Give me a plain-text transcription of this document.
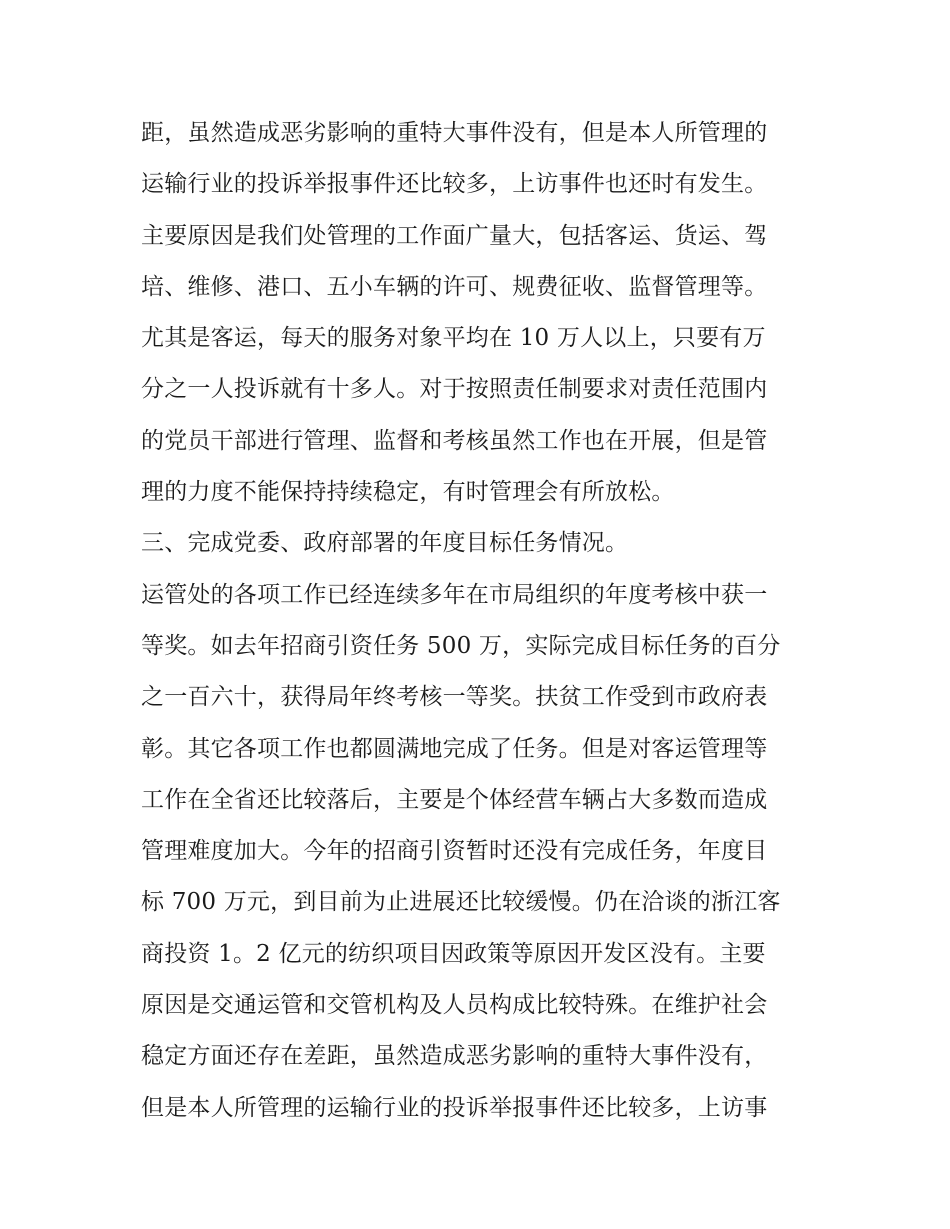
距，虽然造成恶劣影响的重特大事件没有，但是本人所管理的
运输行业的投诉举报事件还比较多，上访事件也还时有发生。
主要原因是我们处管理的工作面广量大，包括客运、货运、驾
培、维修、港口、五小车辆的许可、规费征收、监督管理等。
尤其是客运，每天的服务对象平均在 10 万人以上，只要有万
分之一人投诉就有十多人。对于按照责任制要求对责任范围内
的党员干部进行管理、监督和考核虽然工作也在开展，但是管
理的力度不能保持持续稳定，有时管理会有所放松。
三、完成党委、政府部署的年度目标任务情况。
运管处的各项工作已经连续多年在市局组织的年度考核中获一
等奖。如去年招商引资任务 500 万，实际完成目标任务的百分
之一百六十，获得局年终考核一等奖。扶贫工作受到市政府表
彰。其它各项工作也都圆满地完成了任务。但是对客运管理等
工作在全省还比较落后，主要是个体经营车辆占大多数而造成
管理难度加大。今年的招商引资暂时还没有完成任务，年度目
标 700 万元，到目前为止进展还比较缓慢。仍在洽谈的浙江客
商投资 1。2 亿元的纺织项目因政策等原因开发区没有。主要
原因是交通运管和交管机构及人员构成比较特殊。在维护社会
稳定方面还存在差距，虽然造成恶劣影响的重特大事件没有，
但是本人所管理的运输行业的投诉举报事件还比较多，上访事
